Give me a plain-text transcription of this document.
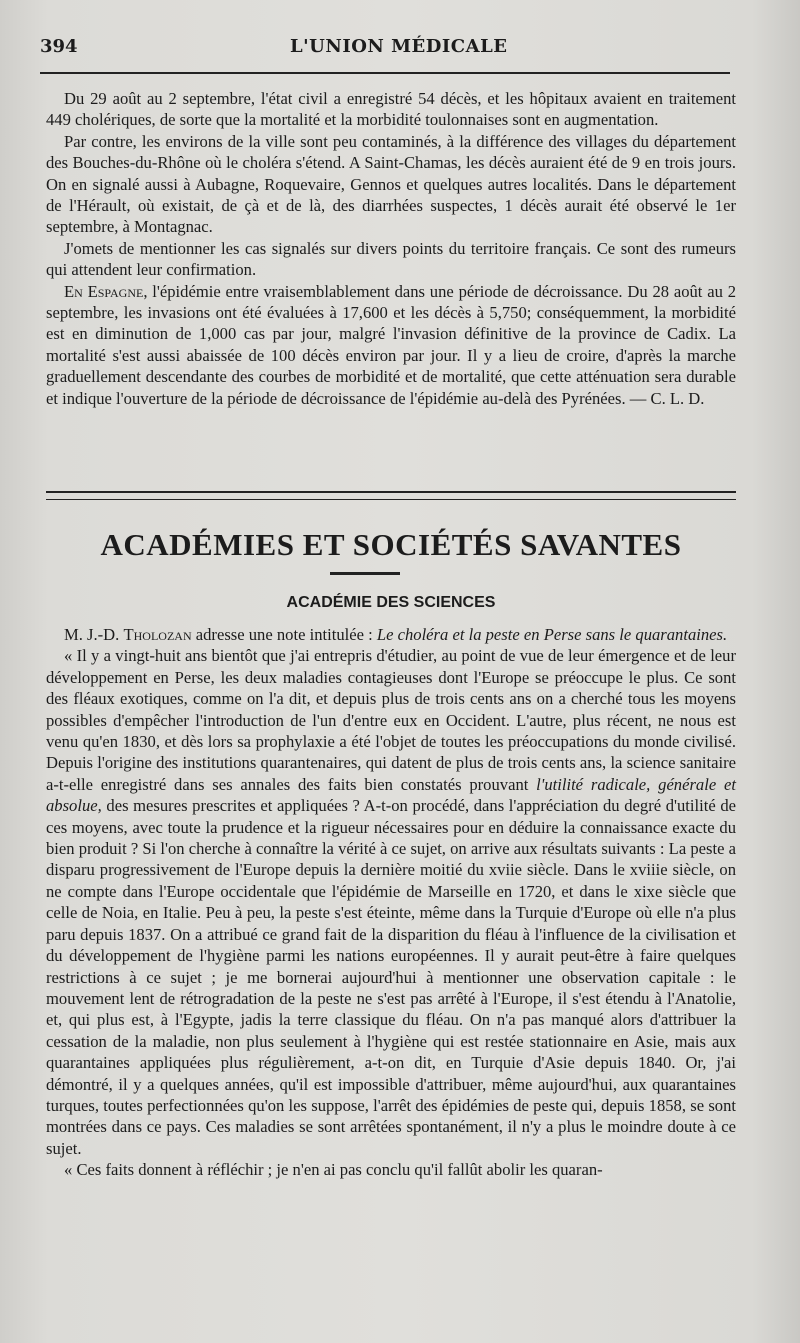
394	L'UNION MÉDICALE

Du 29 août au 2 septembre, l'état civil a enregistré 54 décès, et les hôpitaux avaient en traitement 449 cholériques, de sorte que la mortalité et la morbidité toulonnaises sont en augmentation.

Par contre, les environs de la ville sont peu contaminés, à la différence des villages du département des Bouches-du-Rhône où le choléra s'étend. A Saint-Chamas, les décès auraient été de 9 en trois jours. On en signalé aussi à Aubagne, Roquevaire, Gennos et quelques autres localités. Dans le département de l'Hérault, où existait, de çà et de là, des diarrhées suspectes, 1 décès aurait été observé le 1er septembre, à Montagnac.

J'omets de mentionner les cas signalés sur divers points du territoire français. Ce sont des rumeurs qui attendent leur confirmation.

En Espagne, l'épidémie entre vraisemblablement dans une période de décroissance. Du 28 août au 2 septembre, les invasions ont été évaluées à 17,600 et les décès à 5,750; conséquemment, la morbidité est en diminution de 1,000 cas par jour, malgré l'invasion définitive de la province de Cadix. La mortalité s'est aussi abaissée de 100 décès environ par jour. Il y a lieu de croire, d'après la marche graduellement descendante des courbes de morbidité et de mortalité, que cette atténuation sera durable et indique l'ouverture de la période de décroissance de l'épidémie au-delà des Pyrénées. — C. L. D.

ACADÉMIES ET SOCIÉTÉS SAVANTES
ACADÉMIE DES SCIENCES

M. J.-D. Tholozan adresse une note intitulée : Le choléra et la peste en Perse sans le quarantaines.

« Il y a vingt-huit ans bientôt que j'ai entrepris d'étudier, au point de vue de leur émergence et de leur développement en Perse, les deux maladies contagieuses dont l'Europe se préoccupe le plus. Ce sont des fléaux exotiques, comme on l'a dit, et depuis plus de trois cents ans on a cherché tous les moyens possibles d'empêcher l'introduction de l'un d'entre eux en Occident. L'autre, plus récent, ne nous est venu qu'en 1830, et dès lors sa prophylaxie a été l'objet de toutes les préoccupations du monde civilisé. Depuis l'origine des institutions quarantenaires, qui datent de plus de trois cents ans, la science sanitaire a-t-elle enregistré dans ses annales des faits bien constatés prouvant l'utilité radicale, générale et absolue, des mesures prescrites et appliquées ? A-t-on procédé, dans l'appréciation du degré d'utilité de ces moyens, avec toute la prudence et la rigueur nécessaires pour en déduire la connaissance exacte du bien produit ? Si l'on cherche à connaître la vérité à ce sujet, on arrive aux résultats suivants : La peste a disparu progressivement de l'Europe depuis la dernière moitié du xviie siècle. Dans le xviiie siècle, on ne compte dans l'Europe occidentale que l'épidémie de Marseille en 1720, et dans le xixe siècle que celle de Noia, en Italie. Peu à peu, la peste s'est éteinte, même dans la Turquie d'Europe où elle n'a plus paru depuis 1837. On a attribué ce grand fait de la disparition du fléau à l'influence de la civilisation et du développement de l'hygiène parmi les nations européennes. Il y aurait peut-être à faire quelques restrictions à ce sujet ; je me bornerai aujourd'hui à mentionner une observation capitale : le mouvement lent de rétrogradation de la peste ne s'est pas arrêté à l'Europe, il s'est étendu à l'Anatolie, et, qui plus est, à l'Egypte, jadis la terre classique du fléau. On n'a pas manqué alors d'attribuer la cessation de la maladie, non plus seulement à l'hygiène qui est restée stationnaire en Asie, mais aux quarantaines appliquées plus régulièrement, a-t-on dit, en Turquie d'Asie depuis 1840. Or, j'ai démontré, il y a quelques années, qu'il est impossible d'attribuer, même aujourd'hui, aux quarantaines turques, toutes perfectionnées qu'on les suppose, l'arrêt des épidémies de peste qui, depuis 1858, se sont montrées dans ce pays. Ces maladies se sont arrêtées spontanément, il n'y a plus le moindre doute à ce sujet.

« Ces faits donnent à réfléchir ; je n'en ai pas conclu qu'il fallût abolir les quaran-
